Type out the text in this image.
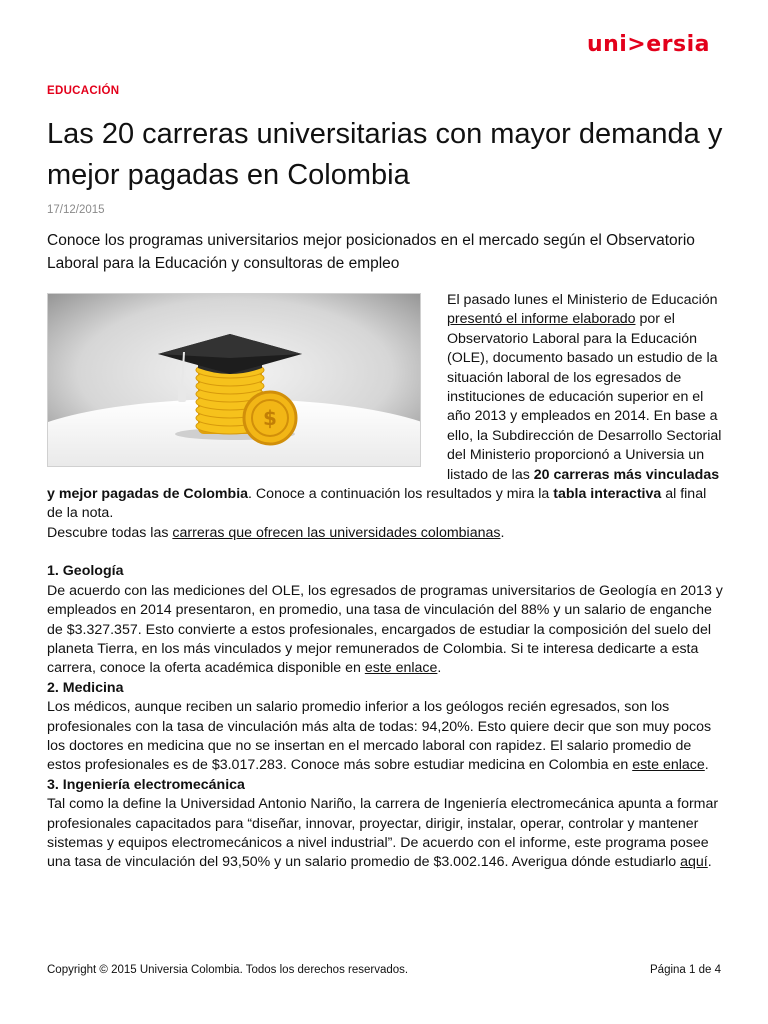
uni>ersia
EDUCACIÓN
Las 20 carreras universitarias con mayor demanda y mejor pagadas en Colombia
17/12/2015

Conoce los programas universitarios mejor posicionados en el mercado según el Observatorio Laboral para la Educación y consultoras de empleo

$

El pasado lunes el Ministerio de Educación presentó el informe elaborado por el Observatorio Laboral para la Educación (OLE), documento basado un estudio de la situación laboral de los egresados de instituciones de educación superior en el año 2013 y empleados en 2014. En base a ello, la Subdirección de Desarrollo Sectorial del Ministerio proporcionó a Universia un listado de las 20 carreras más vinculadas y mejor pagadas de Colombia. Conoce a continuación los resultados y mira la tabla interactiva al final de la nota.

Descubre todas las carreras que ofrecen las universidades colombianas.

1. Geología

De acuerdo con las mediciones del OLE, los egresados de programas universitarios de Geología en 2013 y empleados en 2014 presentaron, en promedio, una tasa de vinculación del 88% y un salario de enganche de $3.327.357. Esto convierte a estos profesionales, encargados de estudiar la composición del suelo del planeta Tierra, en los más vinculados y mejor remunerados de Colombia. Si te interesa dedicarte a esta carrera, conoce la oferta académica disponible en este enlace.

2. Medicina

Los médicos, aunque reciben un salario promedio inferior a los geólogos recién egresados, son los profesionales con la tasa de vinculación más alta de todas: 94,20%. Esto quiere decir que son muy pocos los doctores en medicina que no se insertan en el mercado laboral con rapidez. El salario promedio de estos profesionales es de $3.017.283. Conoce más sobre estudiar medicina en Colombia en este enlace.

3. Ingeniería electromecánica

Tal como la define la Universidad Antonio Nariño, la carrera de Ingeniería electromecánica apunta a formar profesionales capacitados para “diseñar, innovar, proyectar, dirigir, instalar, operar, controlar y mantener sistemas y equipos electromecánicos a nivel industrial”. De acuerdo con el informe, este programa posee una tasa de vinculación del 93,50% y un salario promedio de $3.002.146. Averigua dónde estudiarlo aquí.

Copyright © 2015 Universia Colombia. Todos los derechos reservados.	Página 1 de 4
